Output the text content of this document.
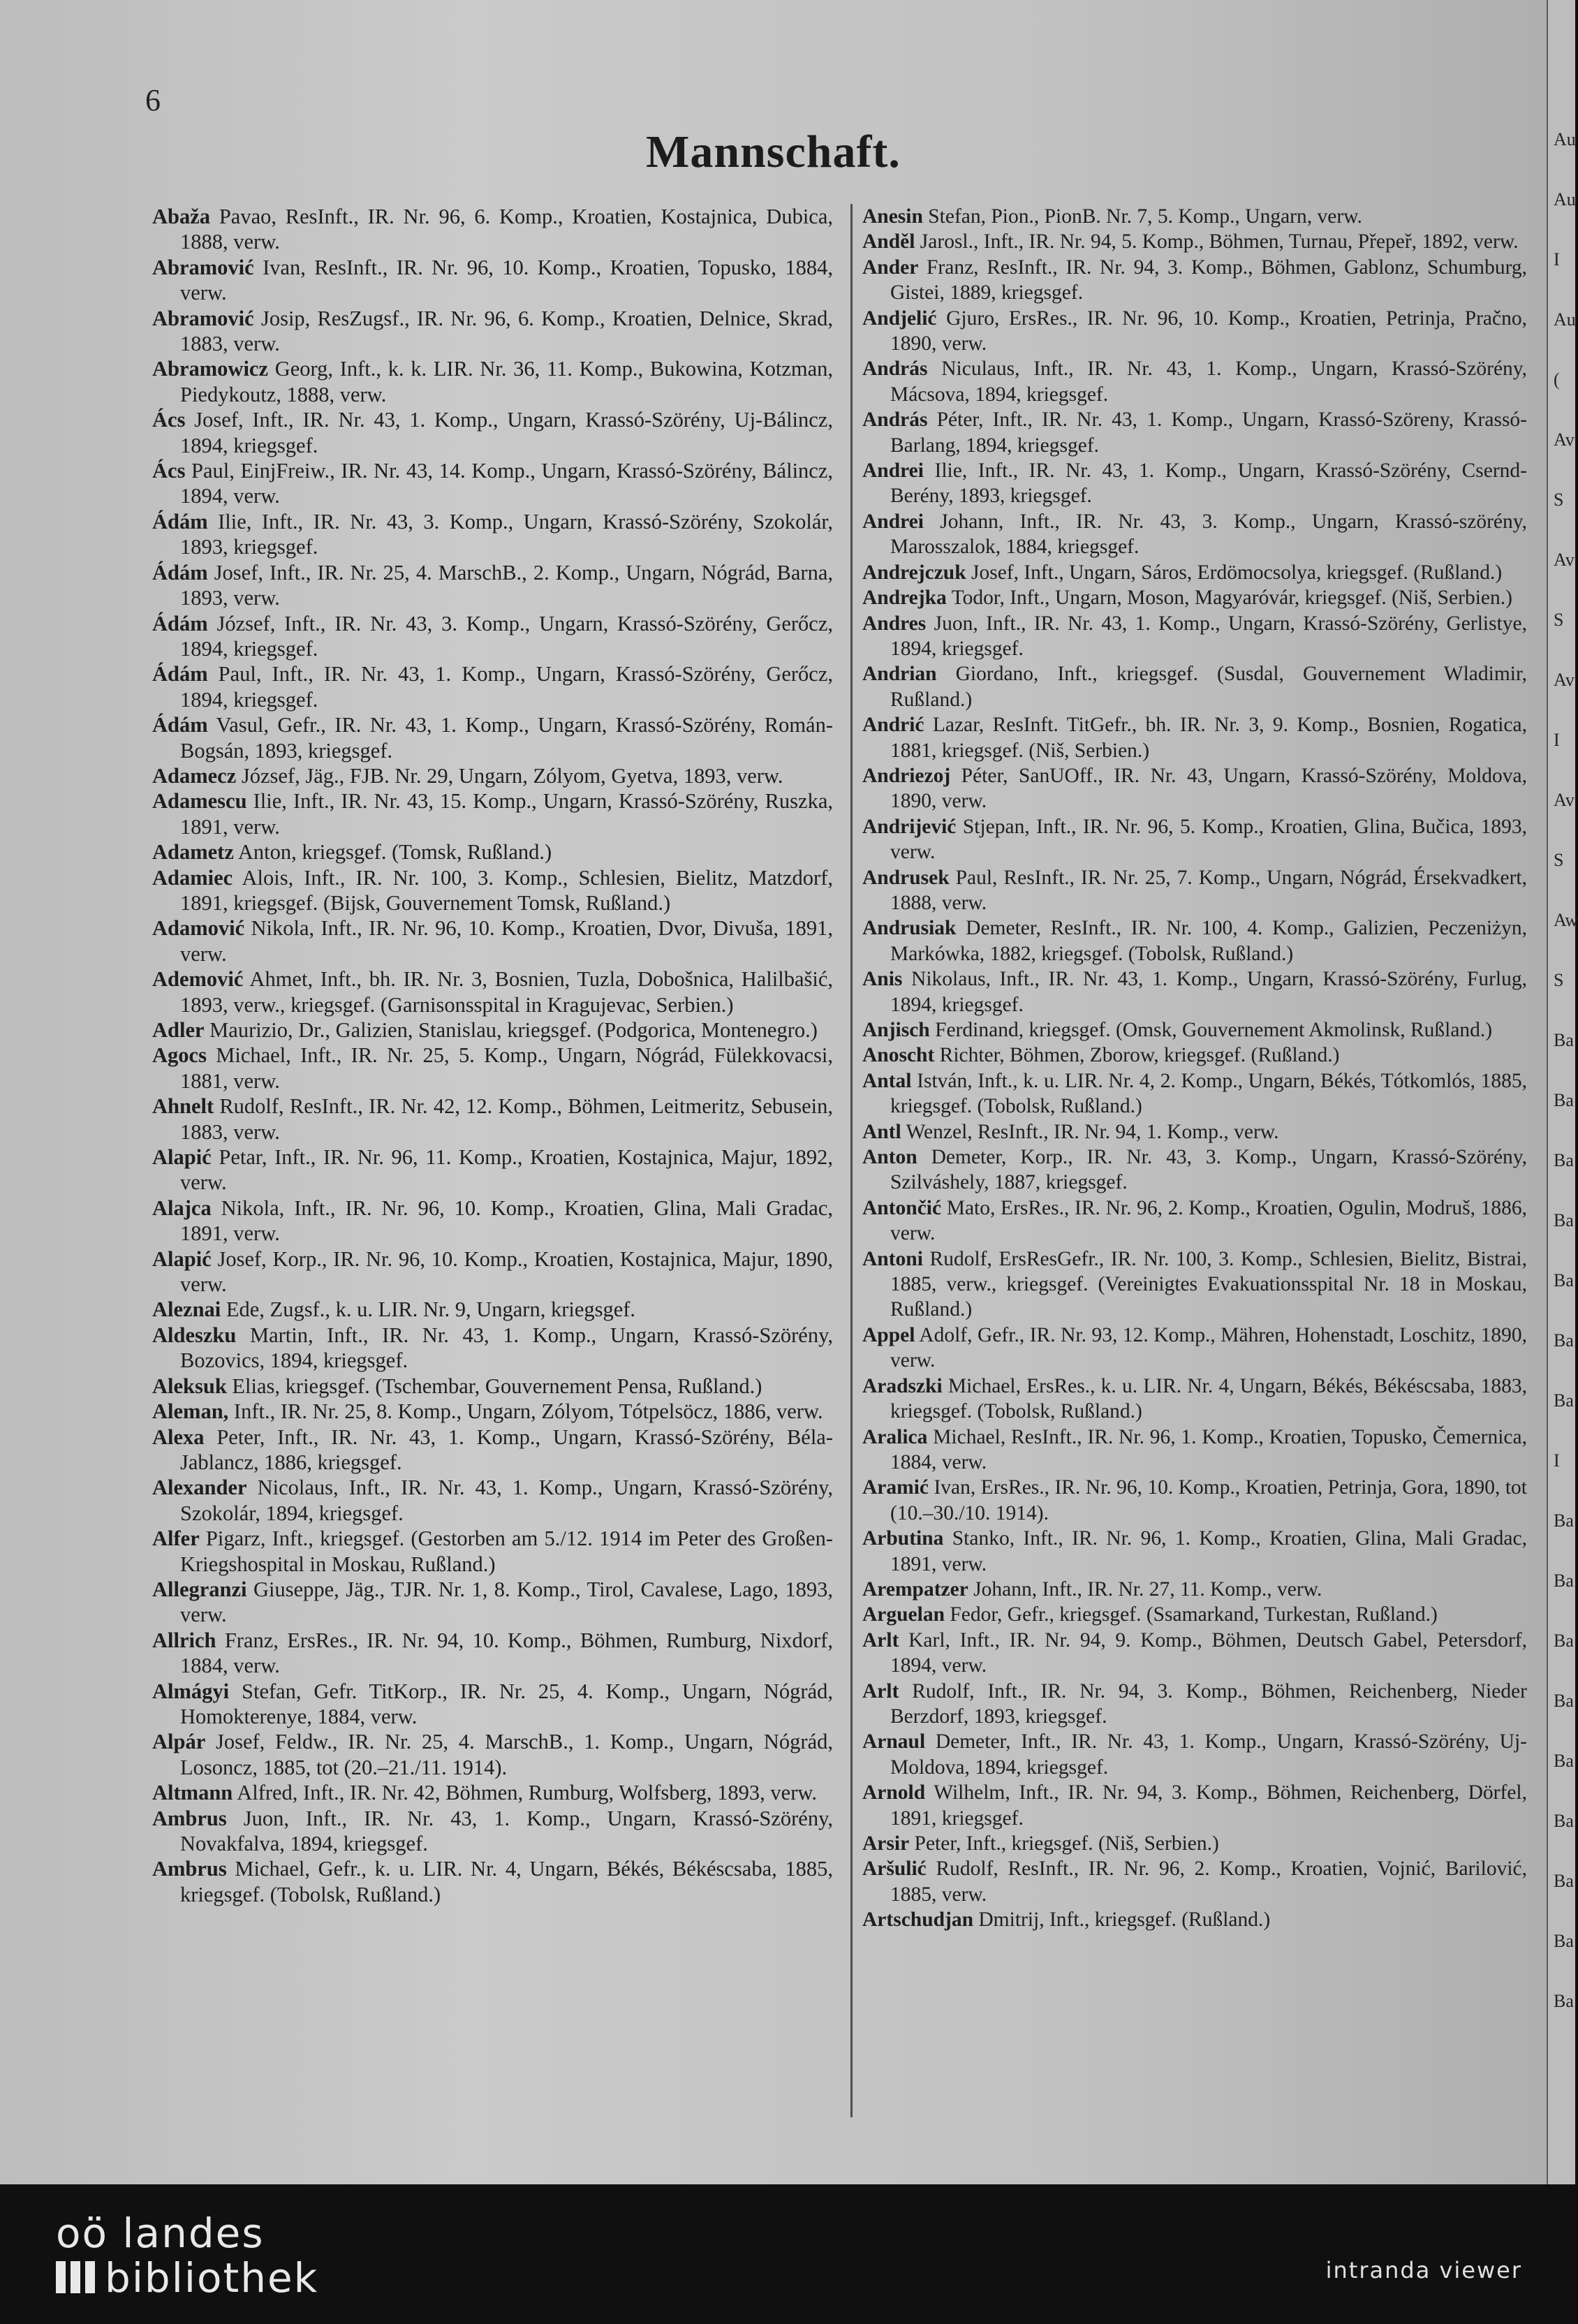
6
Mannschaft.

Abaža Pavao, ResInft., IR. Nr. 96, 6. Komp., Kroatien, Kostajnica, Dubica, 1888, verw.

Abramović Ivan, ResInft., IR. Nr. 96, 10. Komp., Kroatien, Topusko, 1884, verw.

Abramović Josip, ResZugsf., IR. Nr. 96, 6. Komp., Kroatien, Delnice, Skrad, 1883, verw.

Abramowicz Georg, Inft., k. k. LIR. Nr. 36, 11. Komp., Bukowina, Kotzman, Piedykoutz, 1888, verw.

Ács Josef, Inft., IR. Nr. 43, 1. Komp., Ungarn, Krassó-Szörény, Uj-Bálincz, 1894, kriegsgef.

Ács Paul, EinjFreiw., IR. Nr. 43, 14. Komp., Ungarn, Krassó-Szörény, Bálincz, 1894, verw.

Ádám Ilie, Inft., IR. Nr. 43, 3. Komp., Ungarn, Krassó-Szörény, Szokolár, 1893, kriegsgef.

Ádám Josef, Inft., IR. Nr. 25, 4. MarschB., 2. Komp., Ungarn, Nógrád, Barna, 1893, verw.

Ádám József, Inft., IR. Nr. 43, 3. Komp., Ungarn, Krassó-Szörény, Gerőcz, 1894, kriegsgef.

Ádám Paul, Inft., IR. Nr. 43, 1. Komp., Ungarn, Krassó-Szörény, Gerőcz, 1894, kriegsgef.

Ádám Vasul, Gefr., IR. Nr. 43, 1. Komp., Ungarn, Krassó-Szörény, Román-Bogsán, 1893, kriegsgef.

Adamecz József, Jäg., FJB. Nr. 29, Ungarn, Zólyom, Gyetva, 1893, verw.

Adamescu Ilie, Inft., IR. Nr. 43, 15. Komp., Ungarn, Krassó-Szörény, Ruszka, 1891, verw.

Adametz Anton, kriegsgef. (Tomsk, Rußland.)

Adamiec Alois, Inft., IR. Nr. 100, 3. Komp., Schlesien, Bielitz, Matzdorf, 1891, kriegsgef. (Bijsk, Gouvernement Tomsk, Rußland.)

Adamović Nikola, Inft., IR. Nr. 96, 10. Komp., Kroatien, Dvor, Divuša, 1891, verw.

Ademović Ahmet, Inft., bh. IR. Nr. 3, Bosnien, Tuzla, Dobošnica, Halilbašić, 1893, verw., kriegsgef. (Garnisonsspital in Kragujevac, Serbien.)

Adler Maurizio, Dr., Galizien, Stanislau, kriegsgef. (Podgorica, Montenegro.)

Agocs Michael, Inft., IR. Nr. 25, 5. Komp., Ungarn, Nógrád, Fülekkovacsi, 1881, verw.

Ahnelt Rudolf, ResInft., IR. Nr. 42, 12. Komp., Böhmen, Leitmeritz, Sebusein, 1883, verw.

Alapić Petar, Inft., IR. Nr. 96, 11. Komp., Kroatien, Kostajnica, Majur, 1892, verw.

Alajca Nikola, Inft., IR. Nr. 96, 10. Komp., Kroatien, Glina, Mali Gradac, 1891, verw.

Alapić Josef, Korp., IR. Nr. 96, 10. Komp., Kroatien, Kostajnica, Majur, 1890, verw.

Aleznai Ede, Zugsf., k. u. LIR. Nr. 9, Ungarn, kriegsgef.

Aldeszku Martin, Inft., IR. Nr. 43, 1. Komp., Ungarn, Krassó-Szörény, Bozovics, 1894, kriegsgef.

Aleksuk Elias, kriegsgef. (Tschembar, Gouvernement Pensa, Rußland.)

Aleman, Inft., IR. Nr. 25, 8. Komp., Ungarn, Zólyom, Tótpelsöcz, 1886, verw.

Alexa Peter, Inft., IR. Nr. 43, 1. Komp., Ungarn, Krassó-Szörény, Béla-Jablancz, 1886, kriegsgef.

Alexander Nicolaus, Inft., IR. Nr. 43, 1. Komp., Ungarn, Krassó-Szörény, Szokolár, 1894, kriegsgef.

Alfer Pigarz, Inft., kriegsgef. (Gestorben am 5./12. 1914 im Peter des Großen-Kriegshospital in Moskau, Rußland.)

Allegranzi Giuseppe, Jäg., TJR. Nr. 1, 8. Komp., Tirol, Cavalese, Lago, 1893, verw.

Allrich Franz, ErsRes., IR. Nr. 94, 10. Komp., Böhmen, Rumburg, Nixdorf, 1884, verw.

Almágyi Stefan, Gefr. TitKorp., IR. Nr. 25, 4. Komp., Ungarn, Nógrád, Homokterenye, 1884, verw.

Alpár Josef, Feldw., IR. Nr. 25, 4. MarschB., 1. Komp., Ungarn, Nógrád, Losoncz, 1885, tot (20.–21./11. 1914).

Altmann Alfred, Inft., IR. Nr. 42, Böhmen, Rumburg, Wolfsberg, 1893, verw.

Ambrus Juon, Inft., IR. Nr. 43, 1. Komp., Ungarn, Krassó-Szörény, Novakfalva, 1894, kriegsgef.

Ambrus Michael, Gefr., k. u. LIR. Nr. 4, Ungarn, Békés, Békéscsaba, 1885, kriegsgef. (Tobolsk, Rußland.)

Anesin Stefan, Pion., PionB. Nr. 7, 5. Komp., Ungarn, verw.

Anděl Jarosl., Inft., IR. Nr. 94, 5. Komp., Böhmen, Turnau, Přepeř, 1892, verw.

Ander Franz, ResInft., IR. Nr. 94, 3. Komp., Böhmen, Gablonz, Schumburg, Gistei, 1889, kriegsgef.

Andjelić Gjuro, ErsRes., IR. Nr. 96, 10. Komp., Kroatien, Petrinja, Pračno, 1890, verw.

András Niculaus, Inft., IR. Nr. 43, 1. Komp., Ungarn, Krassó-Szörény, Mácsova, 1894, kriegsgef.

András Péter, Inft., IR. Nr. 43, 1. Komp., Ungarn, Krassó-Szöreny, Krassó-Barlang, 1894, kriegsgef.

Andrei Ilie, Inft., IR. Nr. 43, 1. Komp., Ungarn, Krassó-Szörény, Csernd-Berény, 1893, kriegsgef.

Andrei Johann, Inft., IR. Nr. 43, 3. Komp., Ungarn, Krassó-szörény, Marosszalok, 1884, kriegsgef.

Andrejczuk Josef, Inft., Ungarn, Sáros, Erdömocsolya, kriegsgef. (Rußland.)

Andrejka Todor, Inft., Ungarn, Moson, Magyaróvár, kriegsgef. (Niš, Serbien.)

Andres Juon, Inft., IR. Nr. 43, 1. Komp., Ungarn, Krassó-Szörény, Gerlistye, 1894, kriegsgef.

Andrian Giordano, Inft., kriegsgef. (Susdal, Gouvernement Wladimir, Rußland.)

Andrić Lazar, ResInft. TitGefr., bh. IR. Nr. 3, 9. Komp., Bosnien, Rogatica, 1881, kriegsgef. (Niš, Serbien.)

Andriezoj Péter, SanUOff., IR. Nr. 43, Ungarn, Krassó-Szörény, Moldova, 1890, verw.

Andrijević Stjepan, Inft., IR. Nr. 96, 5. Komp., Kroatien, Glina, Bučica, 1893, verw.

Andrusek Paul, ResInft., IR. Nr. 25, 7. Komp., Ungarn, Nógrád, Érsekvadkert, 1888, verw.

Andrusiak Demeter, ResInft., IR. Nr. 100, 4. Komp., Galizien, Peczeniżyn, Markówka, 1882, kriegsgef. (Tobolsk, Rußland.)

Anis Nikolaus, Inft., IR. Nr. 43, 1. Komp., Ungarn, Krassó-Szörény, Furlug, 1894, kriegsgef.

Anjisch Ferdinand, kriegsgef. (Omsk, Gouvernement Akmolinsk, Rußland.)

Anoscht Richter, Böhmen, Zborow, kriegsgef. (Rußland.)

Antal István, Inft., k. u. LIR. Nr. 4, 2. Komp., Ungarn, Békés, Tótkomlós, 1885, kriegsgef. (Tobolsk, Rußland.)

Antl Wenzel, ResInft., IR. Nr. 94, 1. Komp., verw.

Anton Demeter, Korp., IR. Nr. 43, 3. Komp., Ungarn, Krassó-Szörény, Szilváshely, 1887, kriegsgef.

Antončić Mato, ErsRes., IR. Nr. 96, 2. Komp., Kroatien, Ogulin, Modruš, 1886, verw.

Antoni Rudolf, ErsResGefr., IR. Nr. 100, 3. Komp., Schlesien, Bielitz, Bistrai, 1885, verw., kriegsgef. (Vereinigtes Evakuationsspital Nr. 18 in Moskau, Rußland.)

Appel Adolf, Gefr., IR. Nr. 93, 12. Komp., Mähren, Hohenstadt, Loschitz, 1890, verw.

Aradszki Michael, ErsRes., k. u. LIR. Nr. 4, Ungarn, Békés, Békéscsaba, 1883, kriegsgef. (Tobolsk, Rußland.)

Aralica Michael, ResInft., IR. Nr. 96, 1. Komp., Kroatien, Topusko, Čemernica, 1884, verw.

Aramić Ivan, ErsRes., IR. Nr. 96, 10. Komp., Kroatien, Petrinja, Gora, 1890, tot (10.–30./10. 1914).

Arbutina Stanko, Inft., IR. Nr. 96, 1. Komp., Kroatien, Glina, Mali Gradac, 1891, verw.

Arempatzer Johann, Inft., IR. Nr. 27, 11. Komp., verw.

Arguelan Fedor, Gefr., kriegsgef. (Ssamarkand, Turkestan, Rußland.)

Arlt Karl, Inft., IR. Nr. 94, 9. Komp., Böhmen, Deutsch Gabel, Petersdorf, 1894, verw.

Arlt Rudolf, Inft., IR. Nr. 94, 3. Komp., Böhmen, Reichenberg, Nieder Berzdorf, 1893, kriegsgef.

Arnaul Demeter, Inft., IR. Nr. 43, 1. Komp., Ungarn, Krassó-Szörény, Uj-Moldova, 1894, kriegsgef.

Arnold Wilhelm, Inft., IR. Nr. 94, 3. Komp., Böhmen, Reichenberg, Dörfel, 1891, kriegsgef.

Arsir Peter, Inft., kriegsgef. (Niš, Serbien.)

Aršulić Rudolf, ResInft., IR. Nr. 96, 2. Komp., Kroatien, Vojnić, Barilović, 1885, verw.

Artschudjan Dmitrij, Inft., kriegsgef. (Rußland.)

Au
Au
I
Au
(
Av
S
Av
S
Av
I
Av
S
Aw
S
Ba
Ba
Ba
Ba
Ba
Ba
Ba
I
Ba
Ba
Ba
Ba
Ba
Ba
Ba
Ba
Ba
oö landes
bibliothek	intranda viewer
